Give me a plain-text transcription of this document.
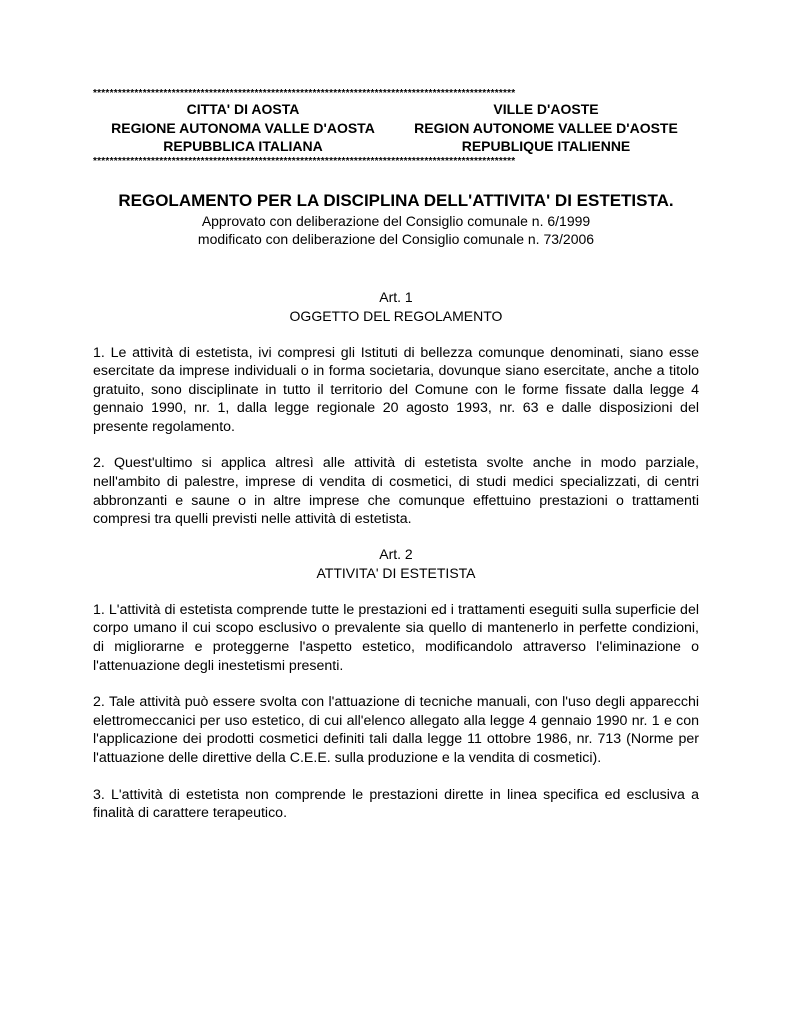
******************************************************************************************************
CITTA' DI AOSTA	VILLE D'AOSTE
REGIONE AUTONOMA VALLE D'AOSTA	REGION AUTONOME VALLEE D'AOSTE
REPUBBLICA ITALIANA	REPUBLIQUE ITALIENNE
******************************************************************************************************
REGOLAMENTO PER LA DISCIPLINA DELL'ATTIVITA' DI ESTETISTA.
Approvato con deliberazione del Consiglio comunale n. 6/1999
modificato con deliberazione del Consiglio comunale n. 73/2006
Art. 1
OGGETTO DEL REGOLAMENTO
1. Le attività di estetista, ivi compresi gli Istituti di bellezza comunque denominati, siano esse esercitate da imprese individuali o in forma societaria, dovunque siano esercitate, anche a titolo gratuito, sono disciplinate in tutto il territorio del Comune con le forme fissate dalla legge 4 gennaio 1990, nr. 1, dalla legge regionale 20 agosto 1993, nr. 63 e dalle disposizioni del presente regolamento.
2. Quest'ultimo si applica altresì alle attività di estetista svolte anche in modo parziale, nell'ambito di palestre, imprese di vendita di cosmetici, di studi medici specializzati, di centri abbronzanti e saune o in altre imprese che comunque effettuino prestazioni o trattamenti compresi tra quelli previsti nelle attività di estetista.
Art. 2
ATTIVITA' DI ESTETISTA
1. L'attività di estetista comprende tutte le prestazioni ed i trattamenti eseguiti sulla superficie del corpo umano il cui scopo esclusivo o prevalente sia quello di mantenerlo in perfette condizioni, di migliorarne e proteggerne l'aspetto estetico, modificandolo attraverso l'eliminazione o l'attenuazione degli inestetismi presenti.
2. Tale attività può essere svolta con l'attuazione di tecniche manuali, con l'uso degli apparecchi elettromeccanici per uso estetico, di cui all'elenco allegato alla legge 4 gennaio 1990 nr. 1 e con l'applicazione dei prodotti cosmetici definiti tali dalla legge 11 ottobre 1986, nr. 713 (Norme per l'attuazione delle direttive della C.E.E. sulla produzione e la vendita di cosmetici).
3. L'attività di estetista non comprende le prestazioni dirette in linea specifica ed esclusiva a finalità di carattere terapeutico.
